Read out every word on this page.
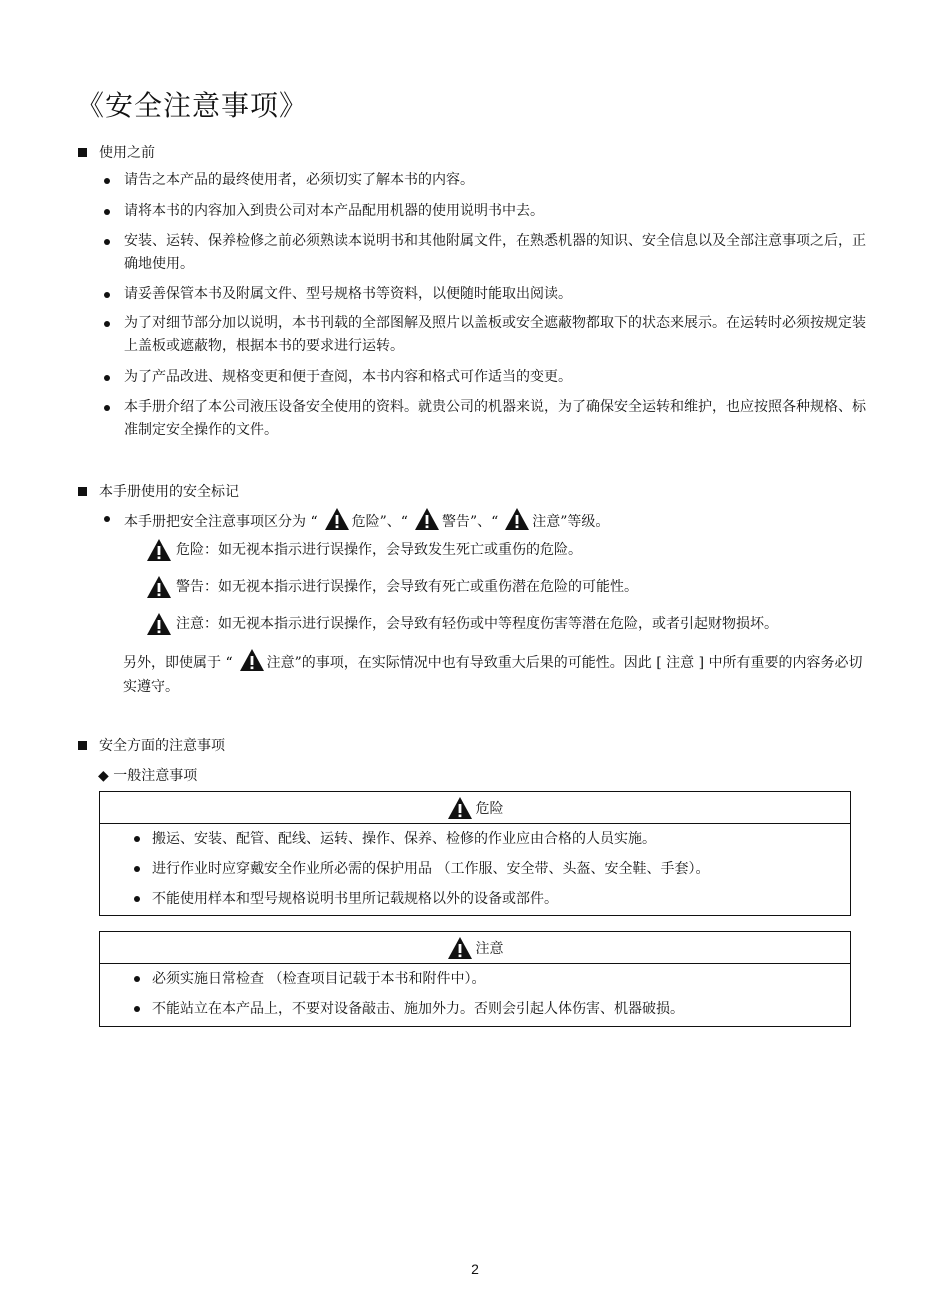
《安全注意事项》
使用之前
请告之本产品的最终使用者，必须切实了解本书的内容。
请将本书的内容加入到贵公司对本产品配用机器的使用说明书中去。
安装、运转、保养检修之前必须熟读本说明书和其他附属文件，在熟悉机器的知识、安全信息以及全部注意事项之后，正确地使用。
请妥善保管本书及附属文件、型号规格书等资料，以便随时能取出阅读。
为了对细节部分加以说明，本书刊载的全部图解及照片以盖板或安全遮蔽物都取下的状态来展示。在运转时必须按规定装上盖板或遮蔽物，根据本书的要求进行运转。
为了产品改进、规格变更和便于查阅，本书内容和格式可作适当的变更。
本手册介绍了本公司液压设备安全使用的资料。就贵公司的机器来说，为了确保安全运转和维护，也应按照各种规格、标准制定安全操作的文件。
本手册使用的安全标记
本手册把安全注意事项区分为 “ 危险”、“ 警告”、“ 注意”等级。
危险：如无视本指示进行误操作，会导致发生死亡或重伤的危险。
警告：如无视本指示进行误操作，会导致有死亡或重伤潜在危险的可能性。
注意：如无视本指示进行误操作，会导致有轻伤或中等程度伤害等潜在危险，或者引起财物损坏。
另外，即使属于 “ 注意”的事项，在实际情况中也有导致重大后果的可能性。因此 [ 注意 ] 中所有重要的内容务必切实遵守。
安全方面的注意事项
◆ 一般注意事项
危险
搬运、安装、配管、配线、运转、操作、保养、检修的作业应由合格的人员实施。
进行作业时应穿戴安全作业所必需的保护用品 （工作服、安全带、头盔、安全鞋、手套）。
不能使用样本和型号规格说明书里所记载规格以外的设备或部件。
注意
必须实施日常检查 （检查项目记载于本书和附件中）。
不能站立在本产品上，不要对设备敲击、施加外力。否则会引起人体伤害、机器破损。
2
